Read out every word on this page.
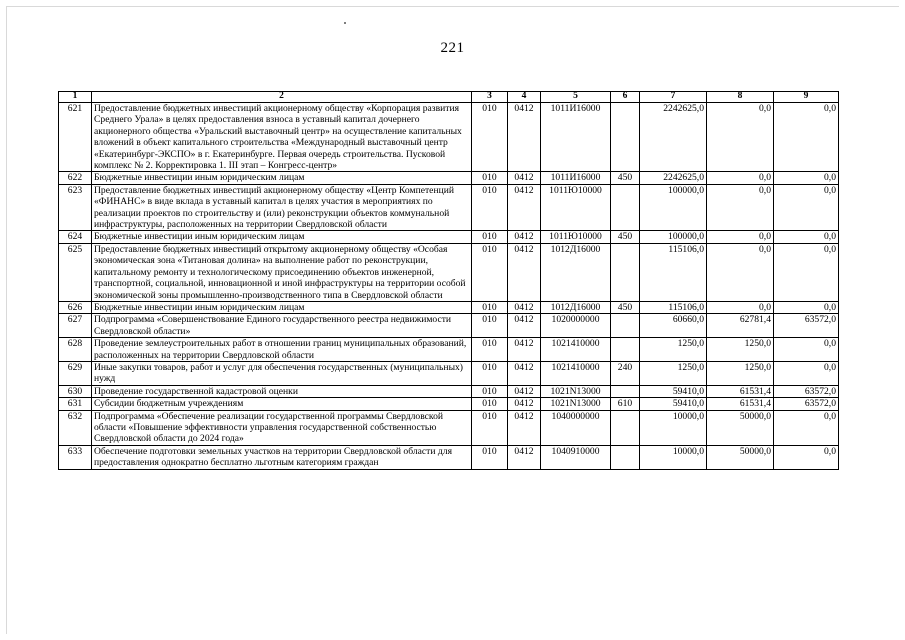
221
1	2	3	4	5	6	7	8	9
621	Предоставление бюджетных инвестиций акционерному обществу «Корпорация развития Среднего Урала» в целях предоставления взноса в уставный капитал дочернего акционерного общества «Уральский выставочный центр» на осуществление капитальных вложений в объект капитального строительства «Международный выставочный центр «Екатеринбург-ЭКСПО» в г. Екатеринбурге. Первая очередь строительства. Пусковой комплекс № 2. Корректировка 1. III этап – Конгресс-центр»	010	0412	1011И16000		2242625,0	0,0	0,0
622	Бюджетные инвестиции иным юридическим лицам	010	0412	1011И16000	450	2242625,0	0,0	0,0
623	Предоставление бюджетных инвестиций акционерному обществу «Центр Компетенций «ФИНАНС» в виде вклада в уставный капитал в целях участия в мероприятиях по реализации проектов по строительству и (или) реконструкции объектов коммунальной инфраструктуры, расположенных на территории Свердловской области	010	0412	1011Ю10000		100000,0	0,0	0,0
624	Бюджетные инвестиции иным юридическим лицам	010	0412	1011Ю10000	450	100000,0	0,0	0,0
625	Предоставление бюджетных инвестиций открытому акционерному обществу «Особая экономическая зона «Титановая долина» на выполнение работ по реконструкции, капитальному ремонту и технологическому присоединению объектов инженерной, транспортной, социальной, инновационной и иной инфраструктуры на территории особой экономической зоны промышленно-производственного типа в Свердловской области	010	0412	1012Д16000		115106,0	0,0	0,0
626	Бюджетные инвестиции иным юридическим лицам	010	0412	1012Д16000	450	115106,0	0,0	0,0
627	Подпрограмма «Совершенствование Единого государственного реестра недвижимости Свердловской области»	010	0412	1020000000		60660,0	62781,4	63572,0
628	Проведение землеустроительных работ в отношении границ муниципальных образований, расположенных на территории Свердловской области	010	0412	1021410000		1250,0	1250,0	0,0
629	Иные закупки товаров, работ и услуг для обеспечения государственных (муниципальных) нужд	010	0412	1021410000	240	1250,0	1250,0	0,0
630	Проведение государственной кадастровой оценки	010	0412	1021N13000		59410,0	61531,4	63572,0
631	Субсидии бюджетным учреждениям	010	0412	1021N13000	610	59410,0	61531,4	63572,0
632	Подпрограмма «Обеспечение реализации государственной программы Свердловской области «Повышение эффективности управления государственной собственностью Свердловской области до 2024 года»	010	0412	1040000000		10000,0	50000,0	0,0
633	Обеспечение подготовки земельных участков на территории Свердловской области для предоставления однократно бесплатно льготным категориям граждан	010	0412	1040910000		10000,0	50000,0	0,0
